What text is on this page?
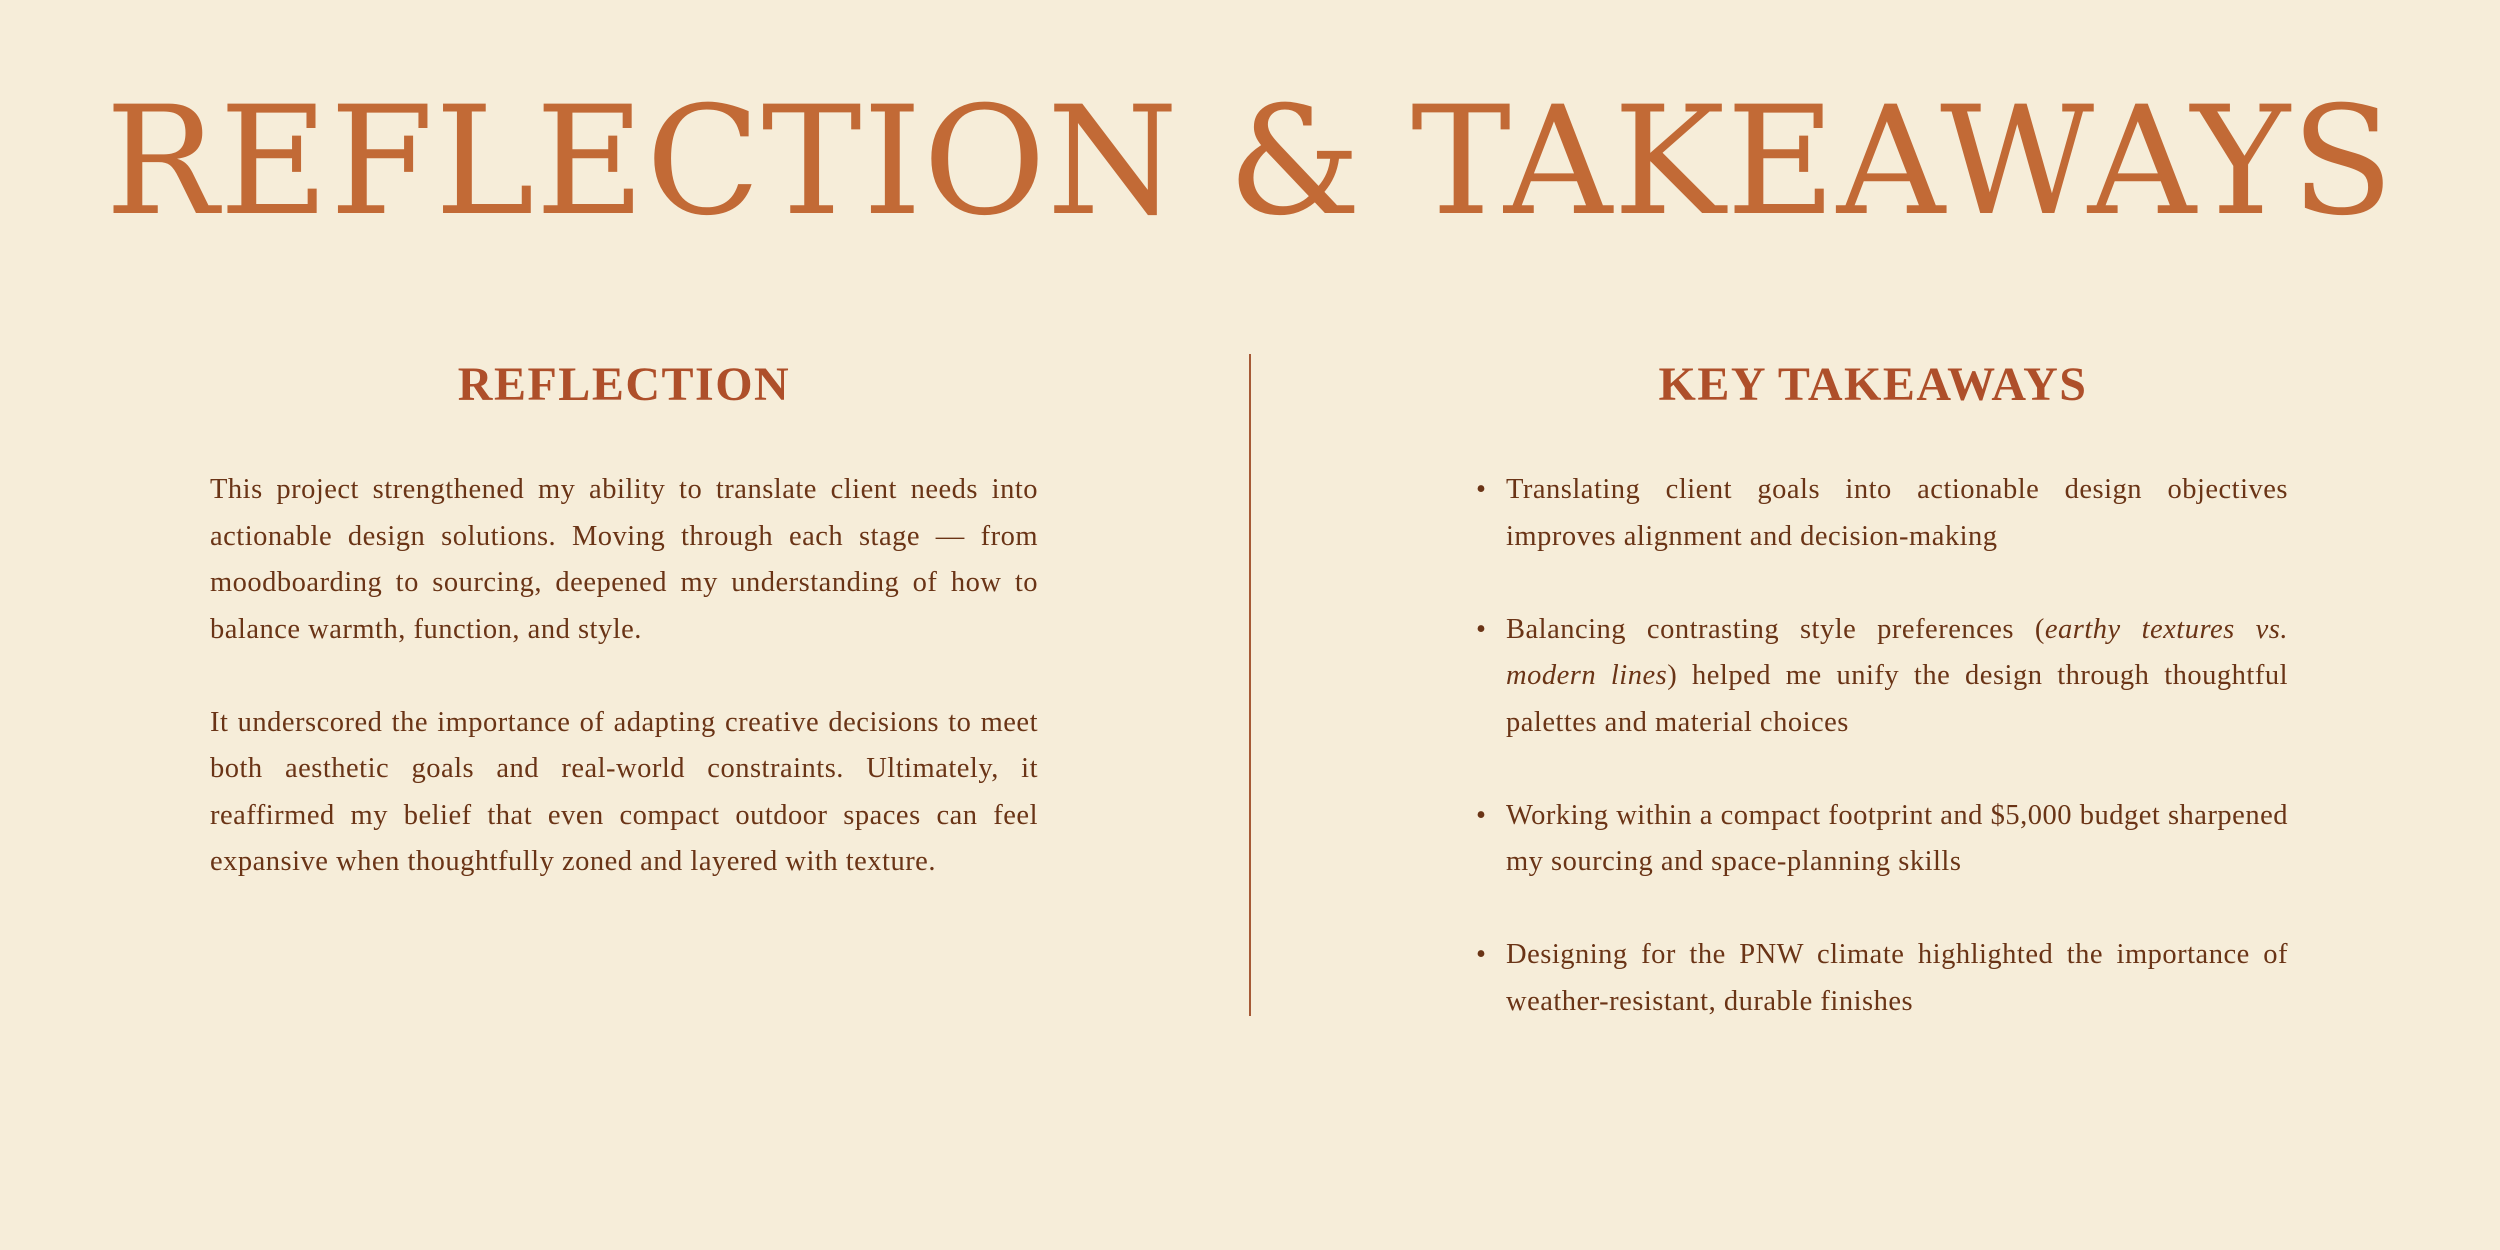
REFLECTION & TAKEAWAYS
REFLECTION	KEY TAKEAWAYS

This project strengthened my ability to translate client needs into actionable design solutions. Moving through each stage — from moodboarding to sourcing, deepened my understanding of how to balance warmth, function, and style.

It underscored the importance of adapting creative decisions to meet both aesthetic goals and real-world constraints. Ultimately, it reaffirmed my belief that even compact outdoor spaces can feel expansive when thoughtfully zoned and layered with texture.

• Translating client goals into actionable design objectives improves alignment and decision-making
• Balancing contrasting style preferences (earthy textures vs. modern lines) helped me unify the design through thoughtful palettes and material choices
• Working within a compact footprint and $5,000 budget sharpened my sourcing and space-planning skills
• Designing for the PNW climate highlighted the importance of weather-resistant, durable finishes
